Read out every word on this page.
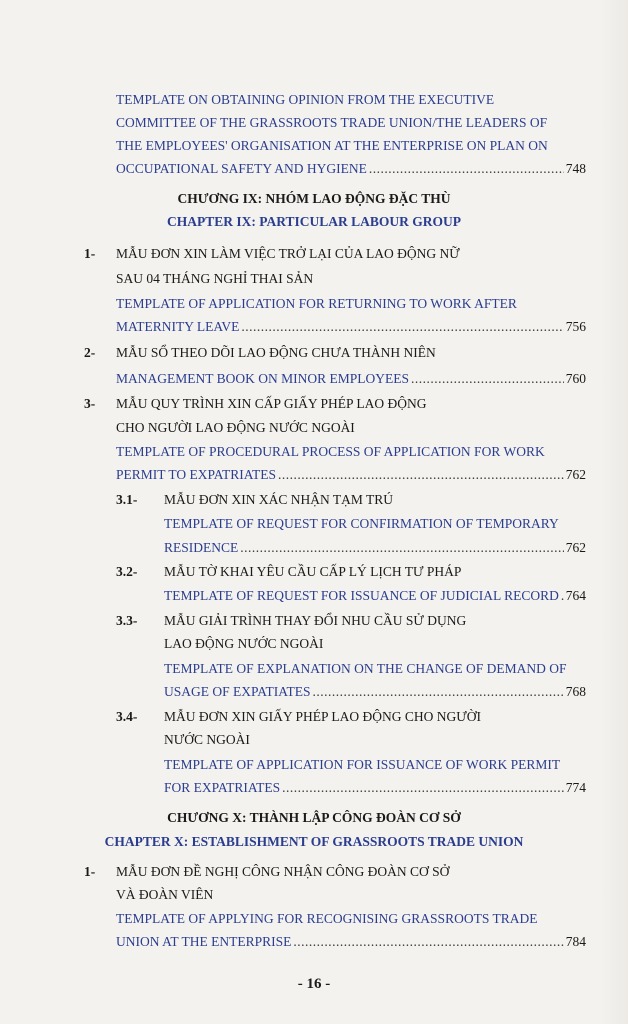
TEMPLATE ON OBTAINING OPINION FROM THE EXECUTIVE
COMMITTEE OF THE GRASSROOTS TRADE UNION/THE LEADERS OF
THE EMPLOYEES' ORGANISATION AT THE ENTERPRISE ON PLAN ON
OCCUPATIONAL SAFETY AND HYGIENE .....	748
CHƯƠNG IX: NHÓM LAO ĐỘNG ĐẶC THÙ
CHAPTER IX: PARTICULAR LABOUR GROUP
1- MẪU ĐƠN XIN LÀM VIỆC TRỞ LẠI CỦA LAO ĐỘNG NỮ
SAU 04 THÁNG NGHỈ THAI SẢN
TEMPLATE OF APPLICATION FOR RETURNING TO WORK AFTER
MATERNITY LEAVE .....	756
2- MẪU SỔ THEO DÕI LAO ĐỘNG CHƯA THÀNH NIÊN
MANAGEMENT BOOK ON MINOR EMPLOYEES .....	760
3- MẪU QUY TRÌNH XIN CẤP GIẤY PHÉP LAO ĐỘNG
CHO NGƯỜI LAO ĐỘNG NƯỚC NGOÀI
TEMPLATE OF PROCEDURAL PROCESS OF APPLICATION FOR WORK
PERMIT TO EXPATRIATES .....	762
3.1- MẪU ĐƠN XIN XÁC NHẬN TẠM TRÚ
TEMPLATE OF REQUEST FOR CONFIRMATION OF TEMPORARY
RESIDENCE .....	762
3.2- MẪU TỜ KHAI YÊU CẦU CẤP LÝ LỊCH TƯ PHÁP
TEMPLATE OF REQUEST FOR ISSUANCE OF JUDICIAL RECORD ..... 764
3.3- MẪU GIẢI TRÌNH THAY ĐỔI NHU CẦU SỬ DỤNG
LAO ĐỘNG NƯỚC NGOÀI
TEMPLATE OF EXPLANATION ON THE CHANGE OF DEMAND OF
USAGE OF EXPATIATES .....	768
3.4- MẪU ĐƠN XIN GIẤY PHÉP LAO ĐỘNG CHO NGƯỜI
NƯỚC NGOÀI
TEMPLATE OF APPLICATION FOR ISSUANCE OF WORK PERMIT
FOR EXPATRIATES .....	774
CHƯƠNG X: THÀNH LẬP CÔNG ĐOÀN CƠ SỞ
CHAPTER X: ESTABLISHMENT OF GRASSROOTS TRADE UNION
1- MẪU ĐƠN ĐỀ NGHỊ CÔNG NHẬN CÔNG ĐOÀN CƠ SỞ
VÀ ĐOÀN VIÊN
TEMPLATE OF APPLYING FOR RECOGNISING GRASSROOTS TRADE
UNION AT THE ENTERPRISE .....	784
- 16 -
